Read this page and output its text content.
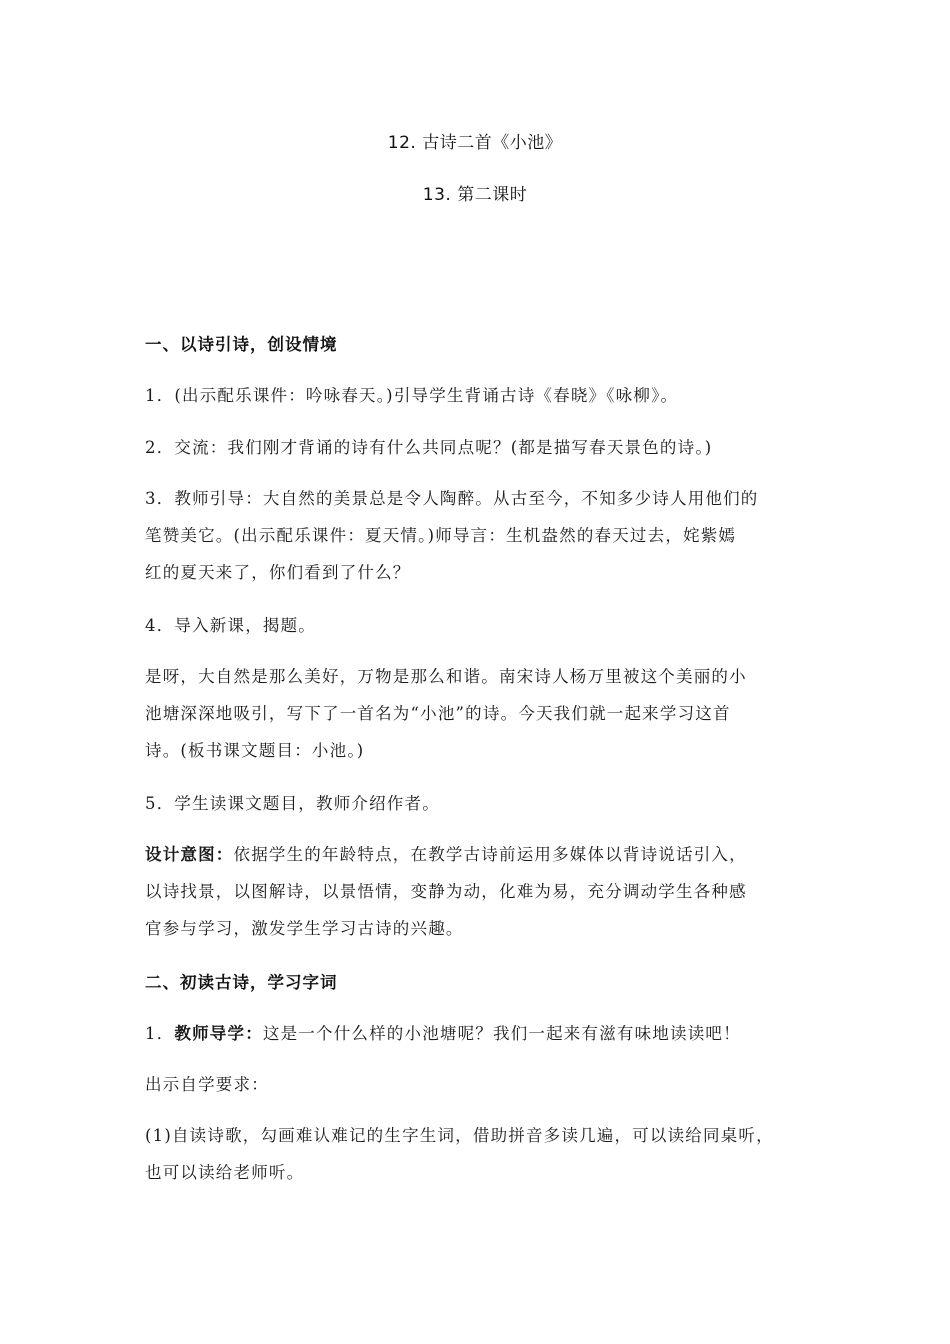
12. 古诗二首《小池》
13. 第二课时

一、以诗引诗，创设情境

1．(出示配乐课件：吟咏春天。)引导学生背诵古诗《春晓》《咏柳》。

2．交流：我们刚才背诵的诗有什么共同点呢？(都是描写春天景色的诗。)

3．教师引导：大自然的美景总是令人陶醉。从古至今，不知多少诗人用他们的
笔赞美它。(出示配乐课件：夏天情。)师导言：生机盎然的春天过去，姹紫嫣
红的夏天来了，你们看到了什么？

4．导入新课，揭题。

是呀，大自然是那么美好，万物是那么和谐。南宋诗人杨万里被这个美丽的小
池塘深深地吸引，写下了一首名为“小池”的诗。今天我们就一起来学习这首
诗。(板书课文题目：小池。)

5．学生读课文题目，教师介绍作者。

设计意图：依据学生的年龄特点，在教学古诗前运用多媒体以背诗说话引入，
以诗找景，以图解诗，以景悟情，变静为动，化难为易，充分调动学生各种感
官参与学习，激发学生学习古诗的兴趣。

二、初读古诗，学习字词

1．教师导学：这是一个什么样的小池塘呢？我们一起来有滋有味地读读吧！

出示自学要求：

(1)自读诗歌，勾画难认难记的生字生词，借助拼音多读几遍，可以读给同桌听，
也可以读给老师听。
